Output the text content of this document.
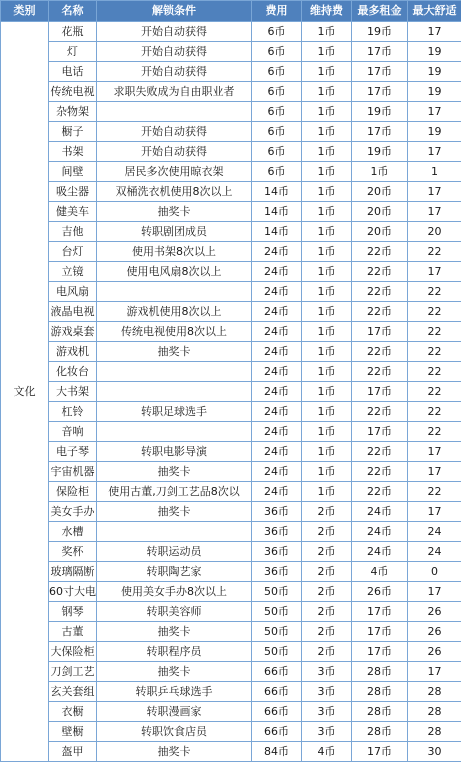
类别	名称	解锁条件	费用	维持费	最多租金	最大舒适
文化	花瓶	开始自动获得	6币	1币	19币	17
	灯	开始自动获得	6币	1币	17币	19
	电话	开始自动获得	6币	1币	17币	19
	传统电视	求职失败成为自由职业者	6币	1币	17币	19
	杂物架		6币	1币	19币	17
	橱子	开始自动获得	6币	1币	17币	19
	书架	开始自动获得	6币	1币	19币	17
	间壁	居民多次使用晾衣架	6币	1币	1币	1
	吸尘器	双桶洗衣机使用8次以上	14币	1币	20币	17
	健美车	抽奖卡	14币	1币	20币	17
	吉他	转职剧团成员	14币	1币	20币	20
	台灯	使用书架8次以上	24币	1币	22币	22
	立镜	使用电风扇8次以上	24币	1币	22币	17
	电风扇		24币	1币	22币	22
	液晶电视	游戏机使用8次以上	24币	1币	22币	22
	游戏桌套	传统电视使用8次以上	24币	1币	17币	22
	游戏机	抽奖卡	24币	1币	22币	22
	化妆台		24币	1币	22币	22
	大书架		24币	1币	17币	22
	杠铃	转职足球选手	24币	1币	22币	22
	音响		24币	1币	17币	22
	电子琴	转职电影导演	24币	1币	22币	17
	宇宙机器	抽奖卡	24币	1币	22币	17
	保险柜	使用古董,刀剑工艺品8次以	24币	1币	22币	22
	美女手办	抽奖卡	36币	2币	24币	17
	水槽		36币	2币	24币	24
	奖杯	转职运动员	36币	2币	24币	24
	玻璃隔断	转职陶艺家	36币	2币	4币	0
	60寸大电	使用美女手办8次以上	50币	2币	26币	17
	钢琴	转职美容师	50币	2币	17币	26
	古董	抽奖卡	50币	2币	17币	26
	大保险柜	转职程序员	50币	2币	17币	26
	刀剑工艺	抽奖卡	66币	3币	28币	17
	玄关套组	转职乒乓球选手	66币	3币	28币	28
	衣橱	转职漫画家	66币	3币	28币	28
	壁橱	转职饮食店员	66币	3币	28币	28
	盔甲	抽奖卡	84币	4币	17币	30
